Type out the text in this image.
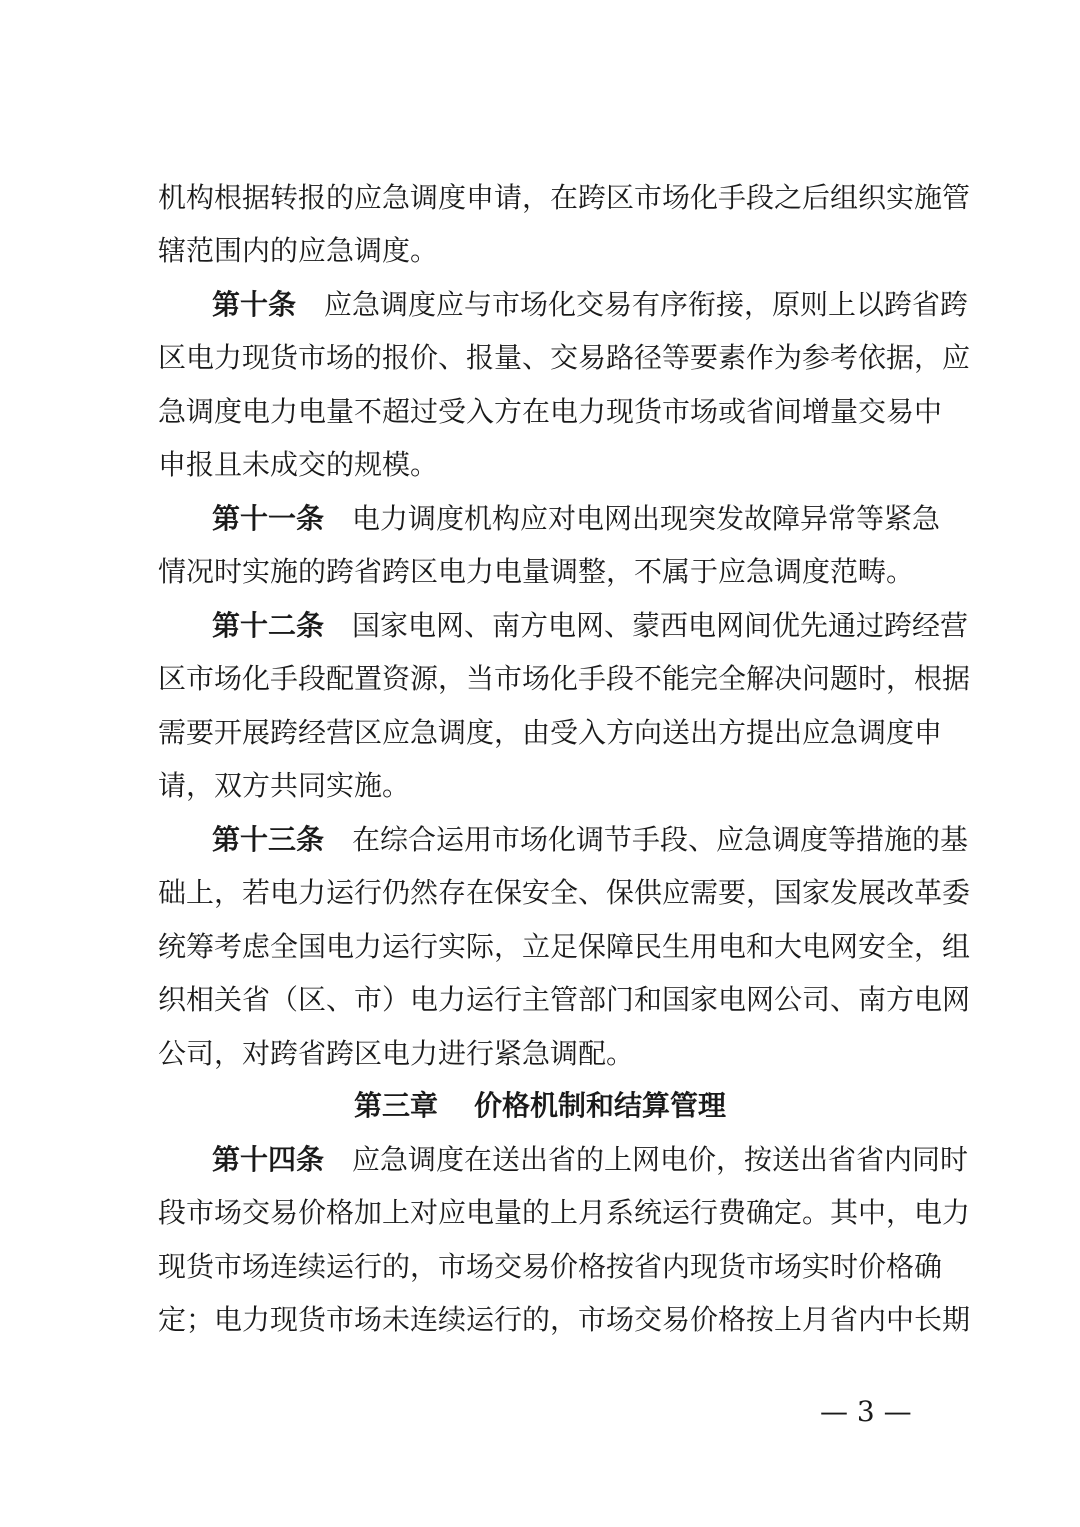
机构根据转报的应急调度申请，在跨区市场化手段之后组织实施管
辖范围内的应急调度。
第十条 应急调度应与市场化交易有序衔接，原则上以跨省跨
区电力现货市场的报价、报量、交易路径等要素作为参考依据，应
急调度电力电量不超过受入方在电力现货市场或省间增量交易中
申报且未成交的规模。
第十一条 电力调度机构应对电网出现突发故障异常等紧急
情况时实施的跨省跨区电力电量调整，不属于应急调度范畴。
第十二条 国家电网、南方电网、蒙西电网间优先通过跨经营
区市场化手段配置资源，当市场化手段不能完全解决问题时，根据
需要开展跨经营区应急调度，由受入方向送出方提出应急调度申
请，双方共同实施。
第十三条 在综合运用市场化调节手段、应急调度等措施的基
础上，若电力运行仍然存在保安全、保供应需要，国家发展改革委
统筹考虑全国电力运行实际，立足保障民生用电和大电网安全，组
织相关省（区、市）电力运行主管部门和国家电网公司、南方电网
公司，对跨省跨区电力进行紧急调配。
第三章 价格机制和结算管理
第十四条 应急调度在送出省的上网电价，按送出省省内同时
段市场交易价格加上对应电量的上月系统运行费确定。其中，电力
现货市场连续运行的，市场交易价格按省内现货市场实时价格确
定；电力现货市场未连续运行的，市场交易价格按上月省内中长期
— 3 —
